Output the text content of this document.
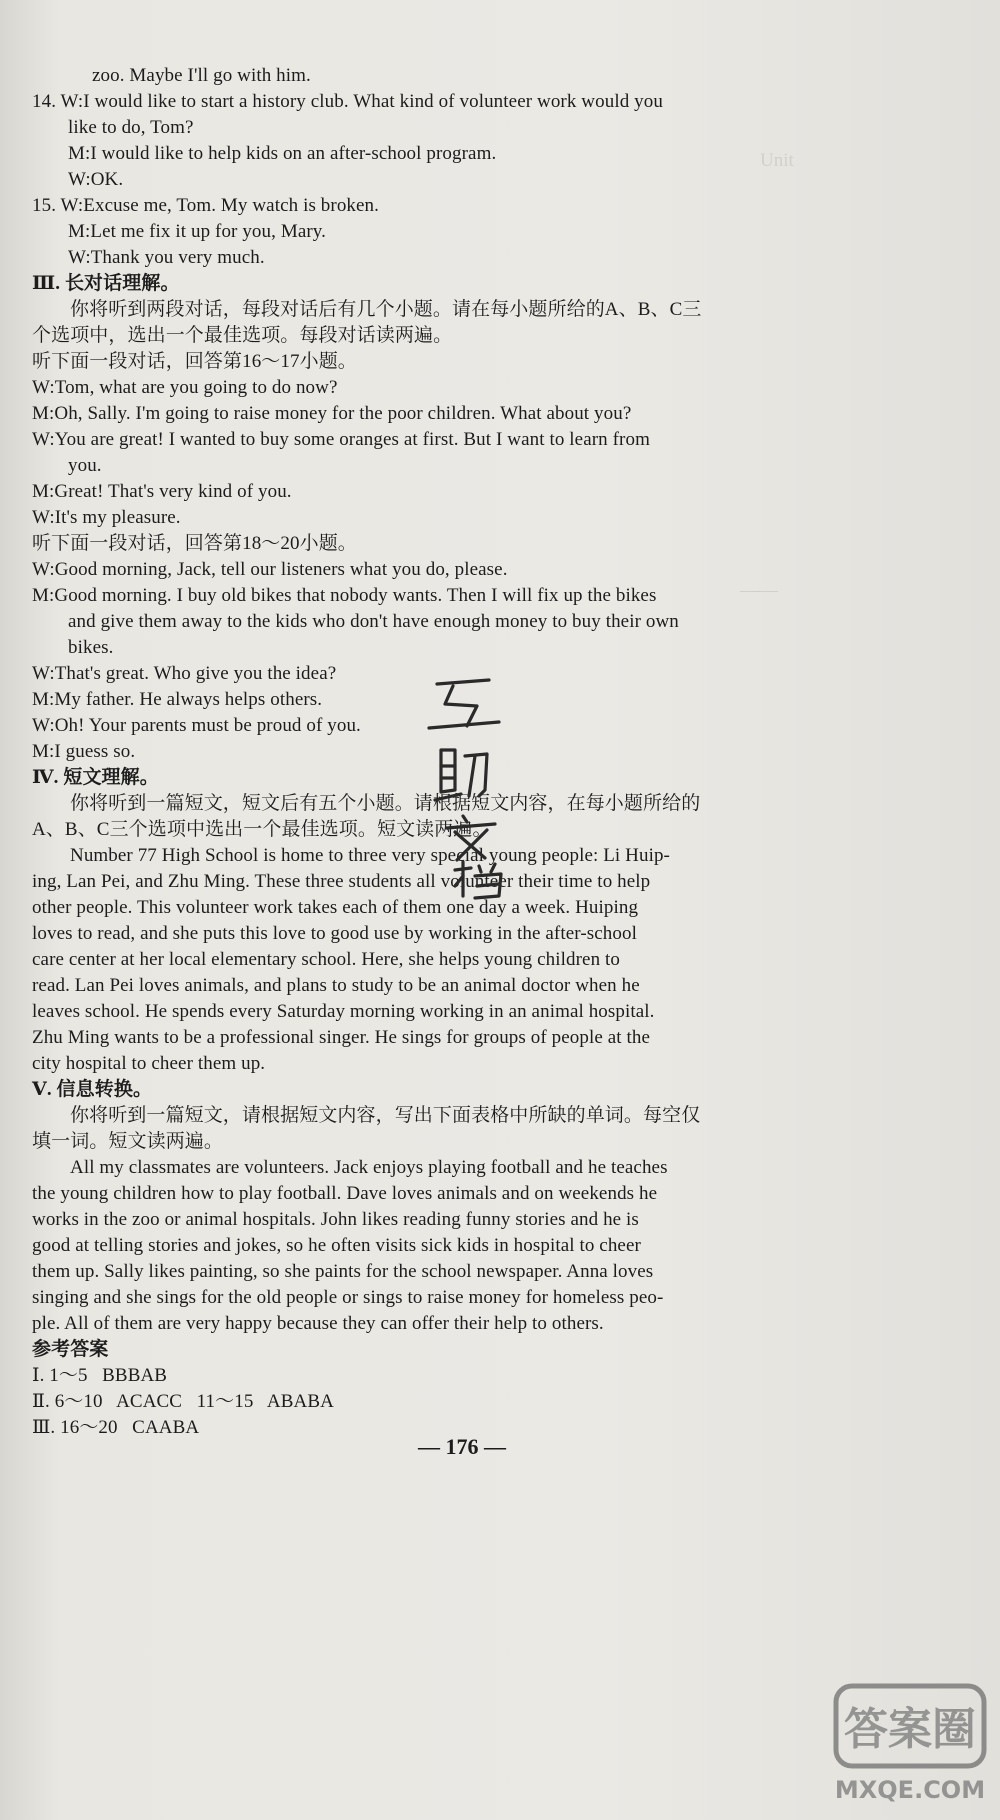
zoo. Maybe I'll go with him.
14. W:I would like to start a history club. What kind of volunteer work would you
like to do, Tom?
M:I would like to help kids on an after-school program.
W:OK.
15. W:Excuse me, Tom. My watch is broken.
M:Let me fix it up for you, Mary.
W:Thank you very much.
Ⅲ. 长对话理解。
你将听到两段对话，每段对话后有几个小题。请在每小题所给的A、B、C三
个选项中，选出一个最佳选项。每段对话读两遍。
听下面一段对话，回答第16～17小题。
W:Tom, what are you going to do now?
M:Oh, Sally. I'm going to raise money for the poor children. What about you?
W:You are great! I wanted to buy some oranges at first. But I want to learn from
you.
M:Great! That's very kind of you.
W:It's my pleasure.
听下面一段对话，回答第18～20小题。
W:Good morning, Jack, tell our listeners what you do, please.
M:Good morning. I buy old bikes that nobody wants. Then I will fix up the bikes
and give them away to the kids who don't have enough money to buy their own
bikes.
W:That's great. Who give you the idea?
M:My father. He always helps others.
W:Oh! Your parents must be proud of you.
M:I guess so.
Ⅳ. 短文理解。
你将听到一篇短文，短文后有五个小题。请根据短文内容，在每小题所给的
A、B、C三个选项中选出一个最佳选项。短文读两遍。
Number 77 High School is home to three very special young people: Li Huip-
ing, Lan Pei, and Zhu Ming. These three students all volunteer their time to help
other people. This volunteer work takes each of them one day a week. Huiping
loves to read, and she puts this love to good use by working in the after-school
care center at her local elementary school. Here, she helps young children to
read. Lan Pei loves animals, and plans to study to be an animal doctor when he
leaves school. He spends every Saturday morning working in an animal hospital.
Zhu Ming wants to be a professional singer. He sings for groups of people at the
city hospital to cheer them up.
Ⅴ. 信息转换。
你将听到一篇短文，请根据短文内容，写出下面表格中所缺的单词。每空仅
填一词。短文读两遍。
All my classmates are volunteers. Jack enjoys playing football and he teaches
the young children how to play football. Dave loves animals and on weekends he
works in the zoo or animal hospitals. John likes reading funny stories and he is
good at telling stories and jokes, so he often visits sick kids in hospital to cheer
them up. Sally likes painting, so she paints for the school newspaper. Anna loves
singing and she sings for the old people or sings to raise money for homeless peo-
ple. All of them are very happy because they can offer their help to others.
参考答案
Ⅰ. 1～5   BBBAB
Ⅱ. 6～10   ACACC   11～15   ABABA
Ⅲ. 16～20   CAABA
— 176 —
Unit
——
答案圈
MXQE.COM
